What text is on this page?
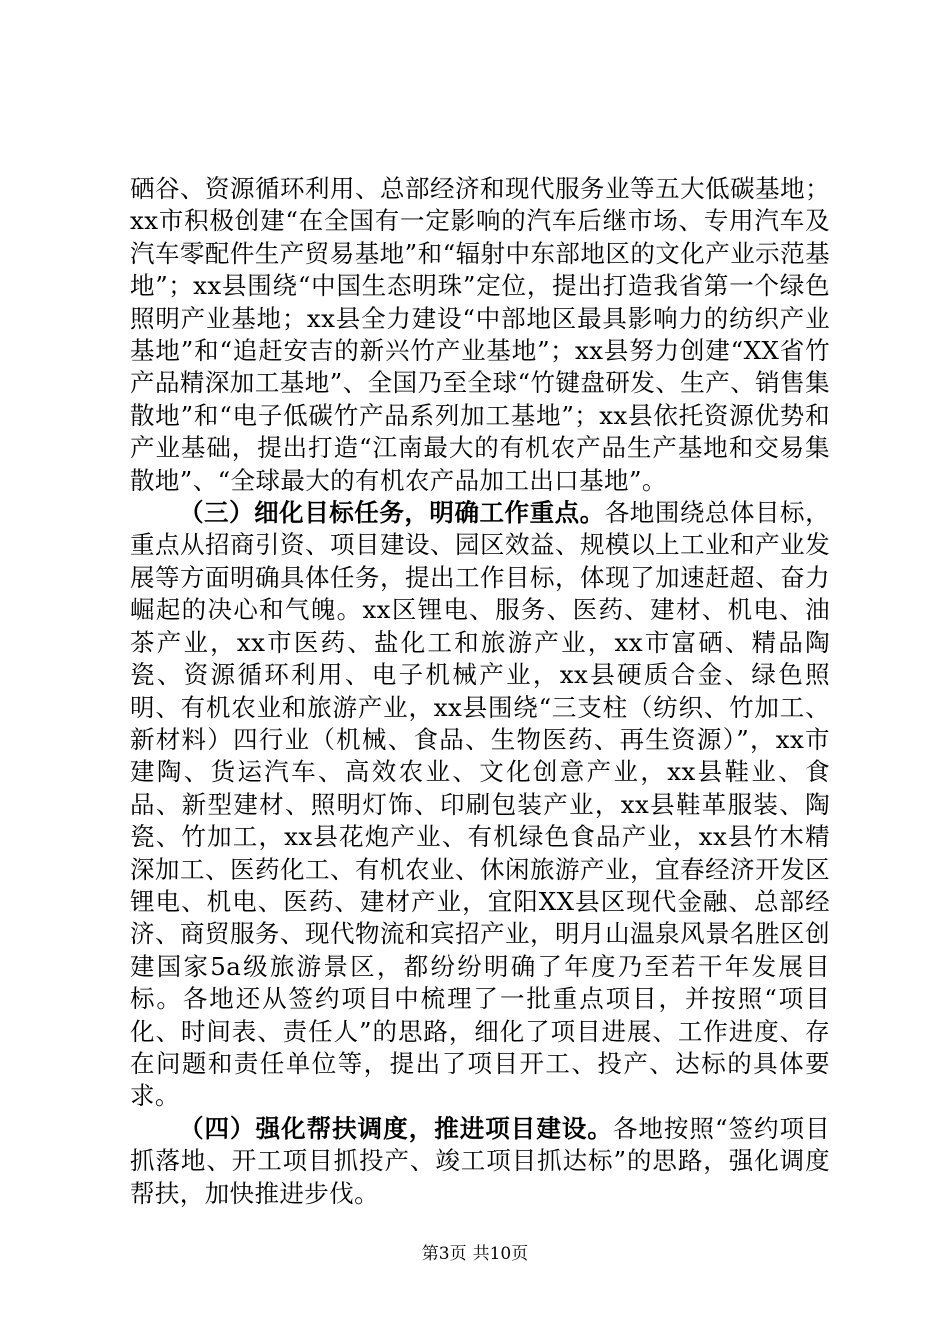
硒谷、资源循环利用、总部经济和现代服务业等五大低碳基地；xx市积极创建“在全国有一定影响的汽车后继市场、专用汽车及汽车零配件生产贸易基地”和“辐射中东部地区的文化产业示范基地”；xx县围绕“中国生态明珠”定位，提出打造我省第一个绿色照明产业基地；xx县全力建设“中部地区最具影响力的纺织产业基地”和“追赶安吉的新兴竹产业基地”；xx县努力创建“XX省竹产品精深加工基地”、全国乃至全球“竹键盘研发、生产、销售集散地”和“电子低碳竹产品系列加工基地”；xx县依托资源优势和产业基础，提出打造“江南最大的有机农产品生产基地和交易集散地”、“全球最大的有机农产品加工出口基地”。

（三）细化目标任务，明确工作重点。各地围绕总体目标，重点从招商引资、项目建设、园区效益、规模以上工业和产业发展等方面明确具体任务，提出工作目标，体现了加速赶超、奋力崛起的决心和气魄。xx区锂电、服务、医药、建材、机电、油茶产业，xx市医药、盐化工和旅游产业，xx市富硒、精品陶瓷、资源循环利用、电子机械产业，xx县硬质合金、绿色照明、有机农业和旅游产业，xx县围绕“三支柱（纺织、竹加工、新材料）四行业（机械、食品、生物医药、再生资源）”，xx市建陶、货运汽车、高效农业、文化创意产业，xx县鞋业、食品、新型建材、照明灯饰、印刷包装产业，xx县鞋革服装、陶瓷、竹加工，xx县花炮产业、有机绿色食品产业，xx县竹木精深加工、医药化工、有机农业、休闲旅游产业，宜春经济开发区锂电、机电、医药、建材产业，宜阳XX县区现代金融、总部经济、商贸服务、现代物流和宾招产业，明月山温泉风景名胜区创建国家5a级旅游景区，都纷纷明确了年度乃至若干年发展目标。各地还从签约项目中梳理了一批重点项目，并按照“项目化、时间表、责任人”的思路，细化了项目进展、工作进度、存在问题和责任单位等，提出了项目开工、投产、达标的具体要求。

（四）强化帮扶调度，推进项目建设。各地按照“签约项目抓落地、开工项目抓投产、竣工项目抓达标”的思路，强化调度帮扶，加快推进步伐。

第3页 共10页
